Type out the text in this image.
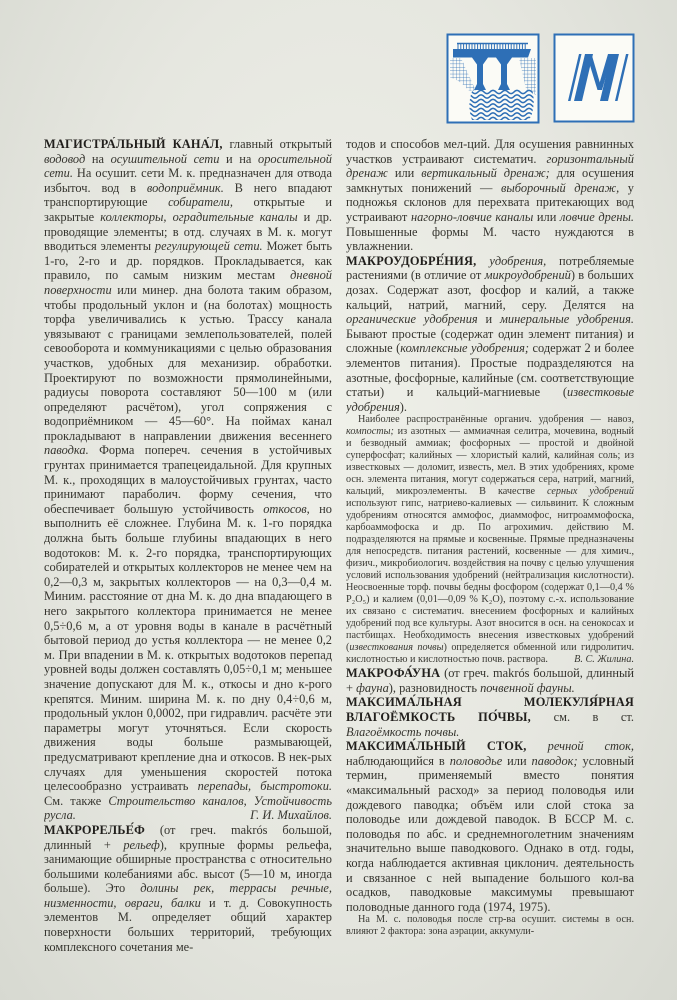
МАГИСТРА́ЛЬНЫЙ КАНА́Л, главный открытый водовод на осушительной сети и на оросительной сети. На осушит. сети М. к. предназначен для отвода избыточ. вод в водоприёмник. В него впадают транспортирующие собиратели, открытые и закрытые коллекторы, оградительные каналы и др. проводящие элементы; в отд. случаях в М. к. могут вводиться элементы регулирующей сети. Может быть 1-го, 2-го и др. порядков. Прокладывается, как правило, по самым низким местам дневной поверхности или минер. дна болота таким образом, чтобы продольный уклон и (на болотах) мощность торфа увеличивались к устью. Трассу канала увязывают с границами землепользователей, полей севооборота и коммуникациями с целью образования участков, удобных для механизир. обработки. Проектируют по возможности прямолинейными, радиусы поворота составляют 50—100 м (или определяют расчётом), угол сопряжения с водоприёмником — 45—60°. На поймах канал прокладывают в направлении движения весеннего паводка. Форма попереч. сечения в устойчивых грунтах принимается трапецеидальной. Для крупных М. к., проходящих в малоустойчивых грунтах, часто принимают параболич. форму сечения, что обеспечивает большую устойчивость откосов, но выполнить её сложнее. Глубина М. к. 1-го порядка должна быть больше глубины впадающих в него водотоков: М. к. 2-го порядка, транспортирующих собирателей и открытых коллекторов не менее чем на 0,2—0,3 м, закрытых коллекторов — на 0,3—0,4 м. Миним. расстояние от дна М. к. до дна впадающего в него закрытого коллектора принимается не менее 0,5÷0,6 м, а от уровня воды в канале в расчётный бытовой период до устья коллектора — не менее 0,2 м. При впадении в М. к. открытых водотоков перепад уровней воды должен составлять 0,05÷0,1 м; меньшее значение допускают для М. к., откосы и дно к-рого крепятся. Миним. ширина М. к. по дну 0,4÷0,6 м, продольный уклон 0,0002, при гидравлич. расчёте эти параметры могут уточняться. Если скорость движения воды больше размывающей, предусматривают крепление дна и откосов. В нек-рых случаях для уменьшения скоростей потока целесообразно устраивать перепады, быстротоки. См. также Строительство каналов, Устойчивость русла.	Г. И. Михайлов.

МАКРОРЕЛЬЕ́Ф (от греч. makrós большой, длинный + рельеф), крупные формы рельефа, занимающие обширные пространства с относительно большими колебаниями абс. высот (5—10 м, иногда больше). Это долины рек, террасы речные, низменности, овраги, балки и т. д. Совокупность элементов М. определяет общий характер поверхности больших территорий, требующих комплексного сочетания ме-

тодов и способов мел-ций. Для осушения равнинных участков устраивают систематич. горизонтальный дренаж или вертикальный дренаж; для осушения замкнутых понижений — выборочный дренаж, у подножья склонов для перехвата притекающих вод устраивают нагорно-ловчие каналы или ловчие дрены. Повышенные формы М. часто нуждаются в увлажнении.

МАКРОУДОБРЕ́НИЯ, удобрения, потребляемые растениями (в отличие от микроудобрений) в больших дозах. Содержат азот, фосфор и калий, а также кальций, натрий, магний, серу. Делятся на органические удобрения и минеральные удобрения. Бывают простые (содержат один элемент питания) и сложные (комплексные удобрения; содержат 2 и более элементов питания). Простые подразделяются на азотные, фосфорные, калийные (см. соответствующие статьи) и кальций-магниевые (известковые удобрения).

Наиболее распространённые органич. удобрения — навоз, компосты; из азотных — аммиачная селитра, мочевина, водный и безводный аммиак; фосфорных — простой и двойной суперфосфат; калийных — хлористый калий, калийная соль; из известковых — доломит, известь, мел. В этих удобрениях, кроме осн. элемента питания, могут содержаться сера, натрий, магний, кальций, микроэлементы. В качестве серных удобрений используют гипс, натриево-калиевых — сильвинит. К сложным удобрениям относятся аммофос, диаммофос, нитроаммофоска, карбоаммофоска и др. По агрохимич. действию М. подразделяются на прямые и косвенные. Прямые предназначены для непосредств. питания растений, косвенные — для химич., физич., микробиологич. воздействия на почву с целью улучшения условий использования удобрений (нейтрализация кислотности). Неосвоенные торф. почвы бедны фосфором (содержат 0,1—0,4 % P₂O₅) и калием (0,01—0,09 % K₂O), поэтому с.-х. использование их связано с систематич. внесением фосфорных и калийных удобрений под все культуры. Азот вносится в осн. на сенокосах и пастбищах. Необходимость внесения известковых удобрений (известкования почвы) определяется обменной или гидролитич. кислотностью и кислотностью почв. раствора.	В. С. Жилина.

МАКРОФА́УНА (от греч. makrós большой, длинный + фауна), разновидность почвенной фауны.

МАКСИМА́ЛЬНАЯ МОЛЕКУЛЯ́РНАЯ ВЛАГОЁМКОСТЬ ПО́ЧВЫ, см. в ст. Влагоёмкость почвы.

МАКСИМА́ЛЬНЫЙ СТОК, речной сток, наблюдающийся в половодье или паводок; условный термин, применяемый вместо понятия «максимальный расход» за период половодья или дождевого паводка; объём или слой стока за половодье или дождевой паводок. В БССР М. с. половодья по абс. и среднемноголетним значениям значительно выше паводкового. Однако в отд. годы, когда наблюдается активная циклонич. деятельность и связанное с ней выпадение большого кол-ва осадков, паводковые максимумы превышают половодные данного года (1974, 1975).

На М. с. половодья после стр-ва осушит. системы в осн. влияют 2 фактора: зона аэрации, аккумули-
